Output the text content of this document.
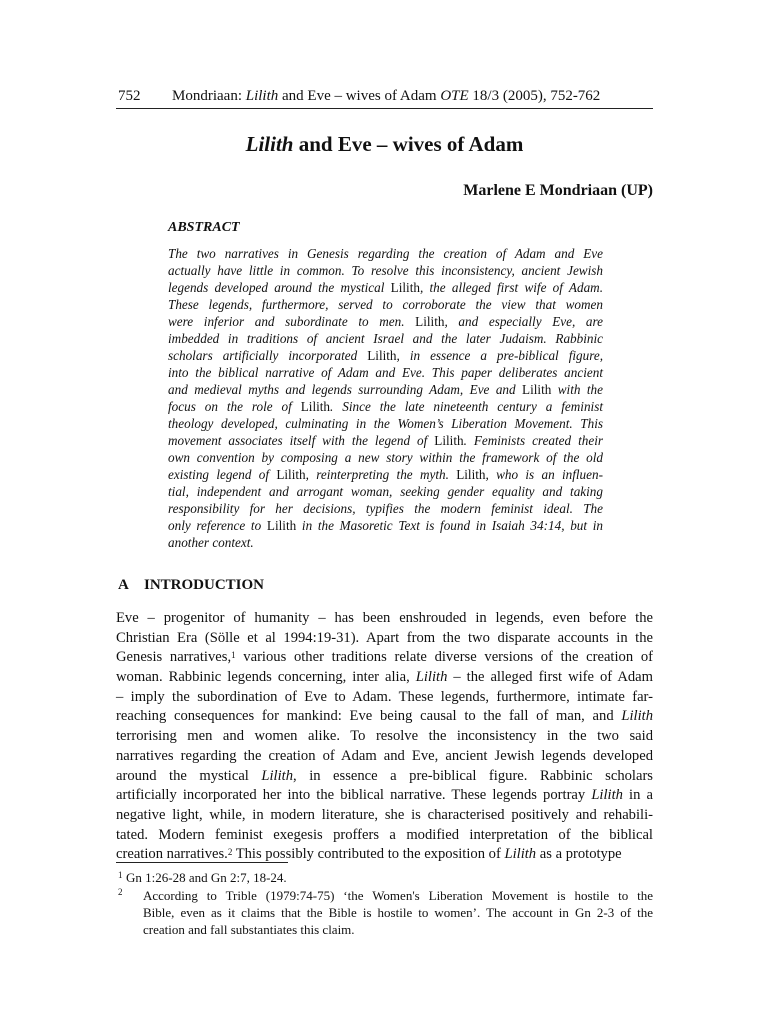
752 Mondriaan: Lilith and Eve – wives of Adam OTE 18/3 (2005), 752-762
Lilith and Eve – wives of Adam
Marlene E Mondriaan (UP)
ABSTRACT
The two narratives in Genesis regarding the creation of Adam and Eve
actually have little in common. To resolve this inconsistency, ancient Jewish
legends developed around the mystical Lilith, the alleged first wife of Adam.
These legends, furthermore, served to corroborate the view that women
were inferior and subordinate to men. Lilith, and especially Eve, are
imbedded in traditions of ancient Israel and the later Judaism. Rabbinic
scholars artificially incorporated Lilith, in essence a pre-biblical figure,
into the biblical narrative of Adam and Eve. This paper deliberates ancient
and medieval myths and legends surrounding Adam, Eve and Lilith with the
focus on the role of Lilith. Since the late nineteenth century a feminist
theology developed, culminating in the Women’s Liberation Movement. This
movement associates itself with the legend of Lilith. Feminists created their
own convention by composing a new story within the framework of the old
existing legend of Lilith, reinterpreting the myth. Lilith, who is an influen-
tial, independent and arrogant woman, seeking gender equality and taking
responsibility for her decisions, typifies the modern feminist ideal. The
only reference to Lilith in the Masoretic Text is found in Isaiah 34:14, but in
another context.
A INTRODUCTION
Eve – progenitor of humanity – has been enshrouded in legends, even before the
Christian Era (Sölle et al 1994:19-31). Apart from the two disparate accounts in the
Genesis narratives,$^1$ various other traditions relate diverse versions of the creation of
woman. Rabbinic legends concerning, inter alia, Lilith – the alleged first wife of Adam
– imply the subordination of Eve to Adam. These legends, furthermore, intimate far-
reaching consequences for mankind: Eve being causal to the fall of man, and Lilith
terrorising men and women alike. To resolve the inconsistency in the two said
narratives regarding the creation of Adam and Eve, ancient Jewish legends developed
around the mystical Lilith, in essence a pre-biblical figure. Rabbinic scholars
artificially incorporated her into the biblical narrative. These legends portray Lilith in a
negative light, while, in modern literature, she is characterised positively and rehabili-
tated. Modern feminist exegesis proffers a modified interpretation of the biblical
creation narratives.$^2$ This possibly contributed to the exposition of Lilith as a prototype
1 Gn 1:26-28 and Gn 2:7, 18-24.
2 According to Trible (1979:74-75) ‘the Women's Liberation Movement is hostile to the
Bible, even as it claims that the Bible is hostile to women’. The account in Gn 2-3 of the
creation and fall substantiates this claim.
